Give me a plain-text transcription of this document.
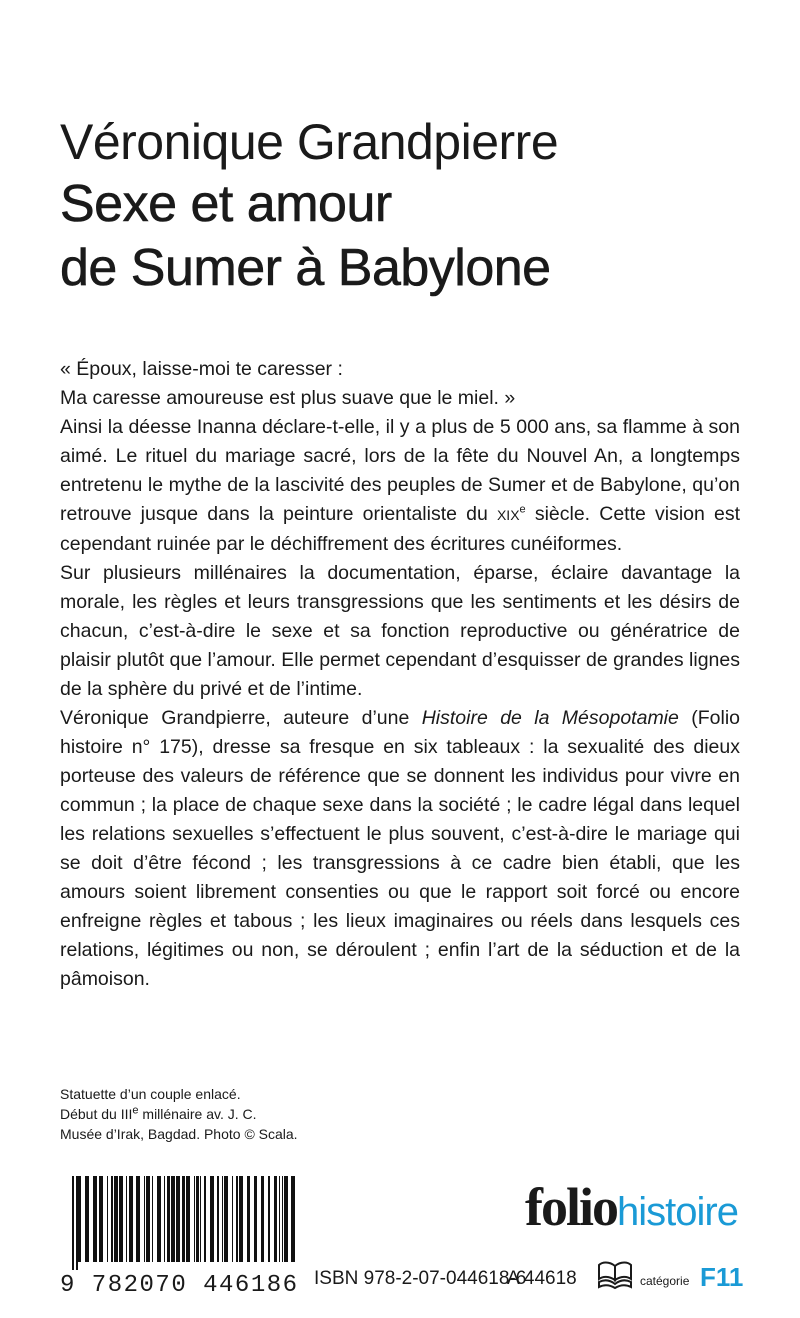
Véronique Grandpierre
Sexe et amour
de Sumer à Babylone

« Époux, laisse-moi te caresser :

Ma caresse amoureuse est plus suave que le miel. »

Ainsi la déesse Inanna déclare-t-elle, il y a plus de 5 000 ans, sa flamme à son aimé. Le rituel du mariage sacré, lors de la fête du Nouvel An, a longtemps entretenu le mythe de la lascivité des peuples de Sumer et de Babylone, qu’on retrouve jusque dans la peinture orientaliste du XIXe siècle. Cette vision est cependant ruinée par le déchiffrement des écritures cunéiformes.

Sur plusieurs millénaires la documentation, éparse, éclaire davantage la morale, les règles et leurs transgressions que les sentiments et les désirs de chacun, c’est-à-dire le sexe et sa fonction reproductive ou génératrice de plaisir plutôt que l’amour. Elle permet cependant d’esquisser de grandes lignes de la sphère du privé et de l’intime.

Véronique Grandpierre, auteure d’une Histoire de la Mésopotamie (Folio histoire n° 175), dresse sa fresque en six tableaux : la sexualité des dieux porteuse des valeurs de référence que se donnent les individus pour vivre en commun ; la place de chaque sexe dans la société ; le cadre légal dans lequel les relations sexuelles s’effectuent le plus souvent, c’est-à-dire le mariage qui se doit d’être fécond ; les transgressions à ce cadre bien établi, que les amours soient librement consenties ou que le rapport soit forcé ou encore enfreigne règles et tabous ; les lieux imaginaires ou réels dans lesquels ces relations, légitimes ou non, se déroulent ; enfin l’art de la séduction et de la pâmoison.

Statuette d’un couple enlacé.
Début du IIIe millénaire av. J. C.
Musée d’Irak, Bagdad. Photo © Scala.
9 782070 446186
foliohistoire
ISBN 978-2-07-044618-6
A 44618	catégorie F11
